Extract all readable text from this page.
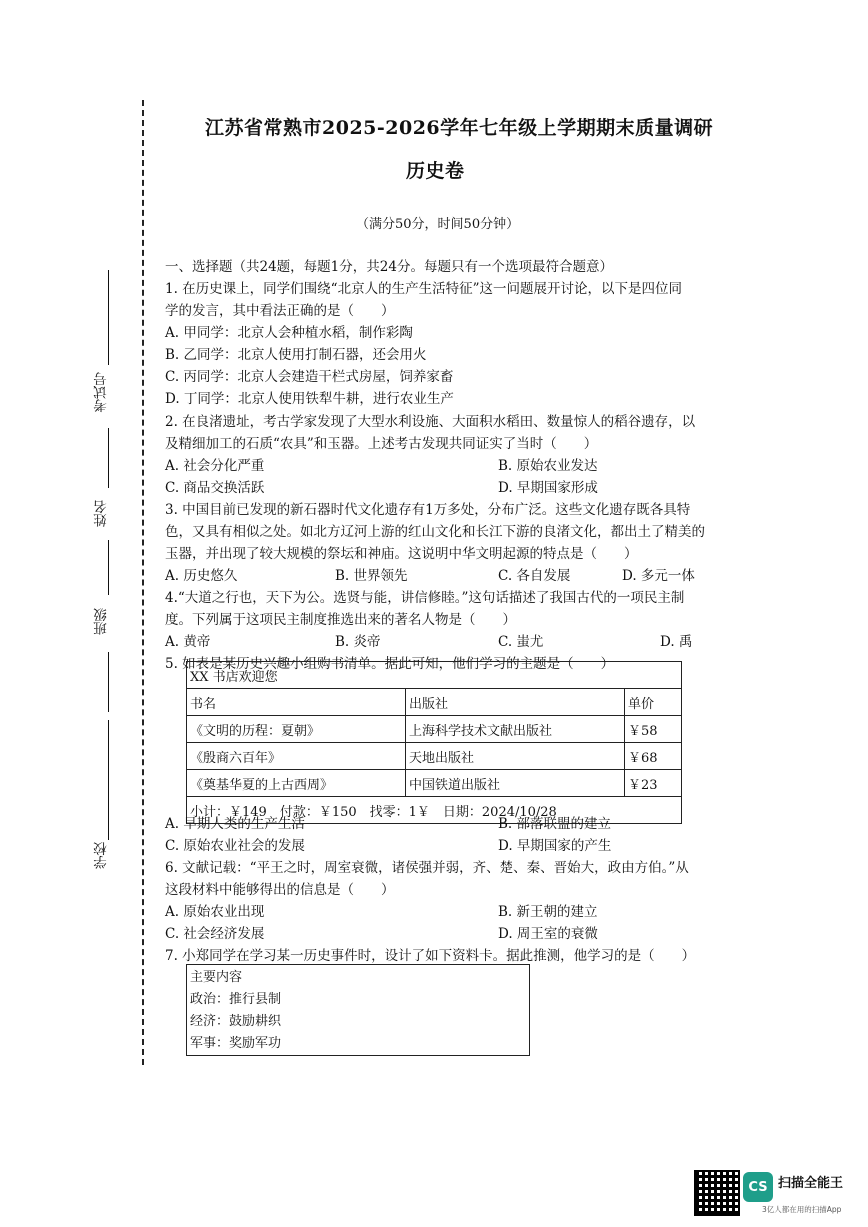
考试号
姓名
班级
学校
江苏省常熟市2025-2026学年七年级上学期期末质量调研
历史卷
（满分50分，时间50分钟）
一、选择题（共24题，每题1分，共24分。每题只有一个选项最符合题意）
1. 在历史课上，同学们围绕“北京人的生产生活特征”这一问题展开讨论，以下是四位同
学的发言，其中看法正确的是（　　）
A. 甲同学：北京人会种植水稻，制作彩陶
B. 乙同学：北京人使用打制石器，还会用火
C. 丙同学：北京人会建造干栏式房屋，饲养家畜
D. 丁同学：北京人使用铁犁牛耕，进行农业生产
2. 在良渚遗址，考古学家发现了大型水利设施、大面积水稻田、数量惊人的稻谷遗存，以
及精细加工的石质“农具”和玉器。上述考古发现共同证实了当时（　　）
A. 社会分化严重	B. 原始农业发达
C. 商品交换活跃	D. 早期国家形成
3. 中国目前已发现的新石器时代文化遗存有1万多处，分布广泛。这些文化遗存既各具特
色，又具有相似之处。如北方辽河上游的红山文化和长江下游的良渚文化，都出土了精美的
玉器，并出现了较大规模的祭坛和神庙。这说明中华文明起源的特点是（　　）
A. 历史悠久	B. 世界领先	C. 各自发展	D. 多元一体
4.“大道之行也，天下为公。选贤与能，讲信修睦。”这句话描述了我国古代的一项民主制
度。下列属于这项民主制度推选出来的著名人物是（　　）
A. 黄帝	B. 炎帝	C. 蚩尤	D. 禹
5. 如表是某历史兴趣小组购书清单。据此可知，他们学习的主题是（　　）
XX 书店欢迎您		
书名	出版社	单价
《文明的历程：夏朝》	上海科学技术文献出版社	￥58
《殷商六百年》	天地出版社	￥68
《奠基华夏的上古西周》	中国铁道出版社	￥23
小计：￥149　付款：￥150　找零：1￥　日期：2024/10/28		
A. 早期人类的生产生活	B. 部落联盟的建立
C. 原始农业社会的发展	D. 早期国家的产生
6. 文献记载：“平王之时，周室衰微，诸侯强并弱，齐、楚、秦、晋始大，政由方伯。”从
这段材料中能够得出的信息是（　　）
A. 原始农业出现	B. 新王朝的建立
C. 社会经济发展	D. 周王室的衰微
7. 小郑同学在学习某一历史事件时，设计了如下资料卡。据此推测，他学习的是（　　）
主要内容
政治：推行县制
经济：鼓励耕织
军事：奖励军功
CS 扫描全能王
3亿人都在用的扫描App
